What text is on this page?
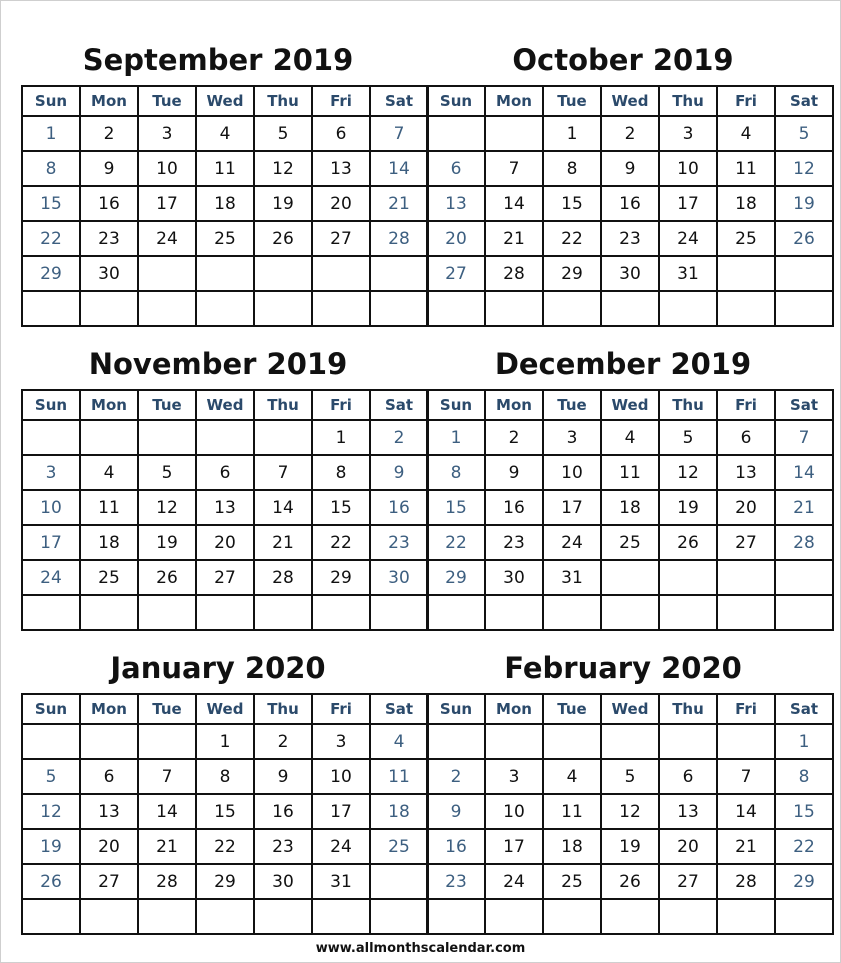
September 2019
Sun	Mon	Tue	Wed	Thu	Fri	Sat
1	2	3	4	5	6	7
8	9	10	11	12	13	14
15	16	17	18	19	20	21
22	23	24	25	26	27	28
29	30					

October 2019
Sun	Mon	Tue	Wed	Thu	Fri	Sat
		1	2	3	4	5
6	7	8	9	10	11	12
13	14	15	16	17	18	19
20	21	22	23	24	25	26
27	28	29	30	31		

November 2019
Sun	Mon	Tue	Wed	Thu	Fri	Sat
					1	2
3	4	5	6	7	8	9
10	11	12	13	14	15	16
17	18	19	20	21	22	23
24	25	26	27	28	29	30

December 2019
Sun	Mon	Tue	Wed	Thu	Fri	Sat
1	2	3	4	5	6	7
8	9	10	11	12	13	14
15	16	17	18	19	20	21
22	23	24	25	26	27	28
29	30	31				

January 2020
Sun	Mon	Tue	Wed	Thu	Fri	Sat
			1	2	3	4
5	6	7	8	9	10	11
12	13	14	15	16	17	18
19	20	21	22	23	24	25
26	27	28	29	30	31	

February 2020
Sun	Mon	Tue	Wed	Thu	Fri	Sat
						1
2	3	4	5	6	7	8
9	10	11	12	13	14	15
16	17	18	19	20	21	22
23	24	25	26	27	28	29

www.allmonthscalendar.com
